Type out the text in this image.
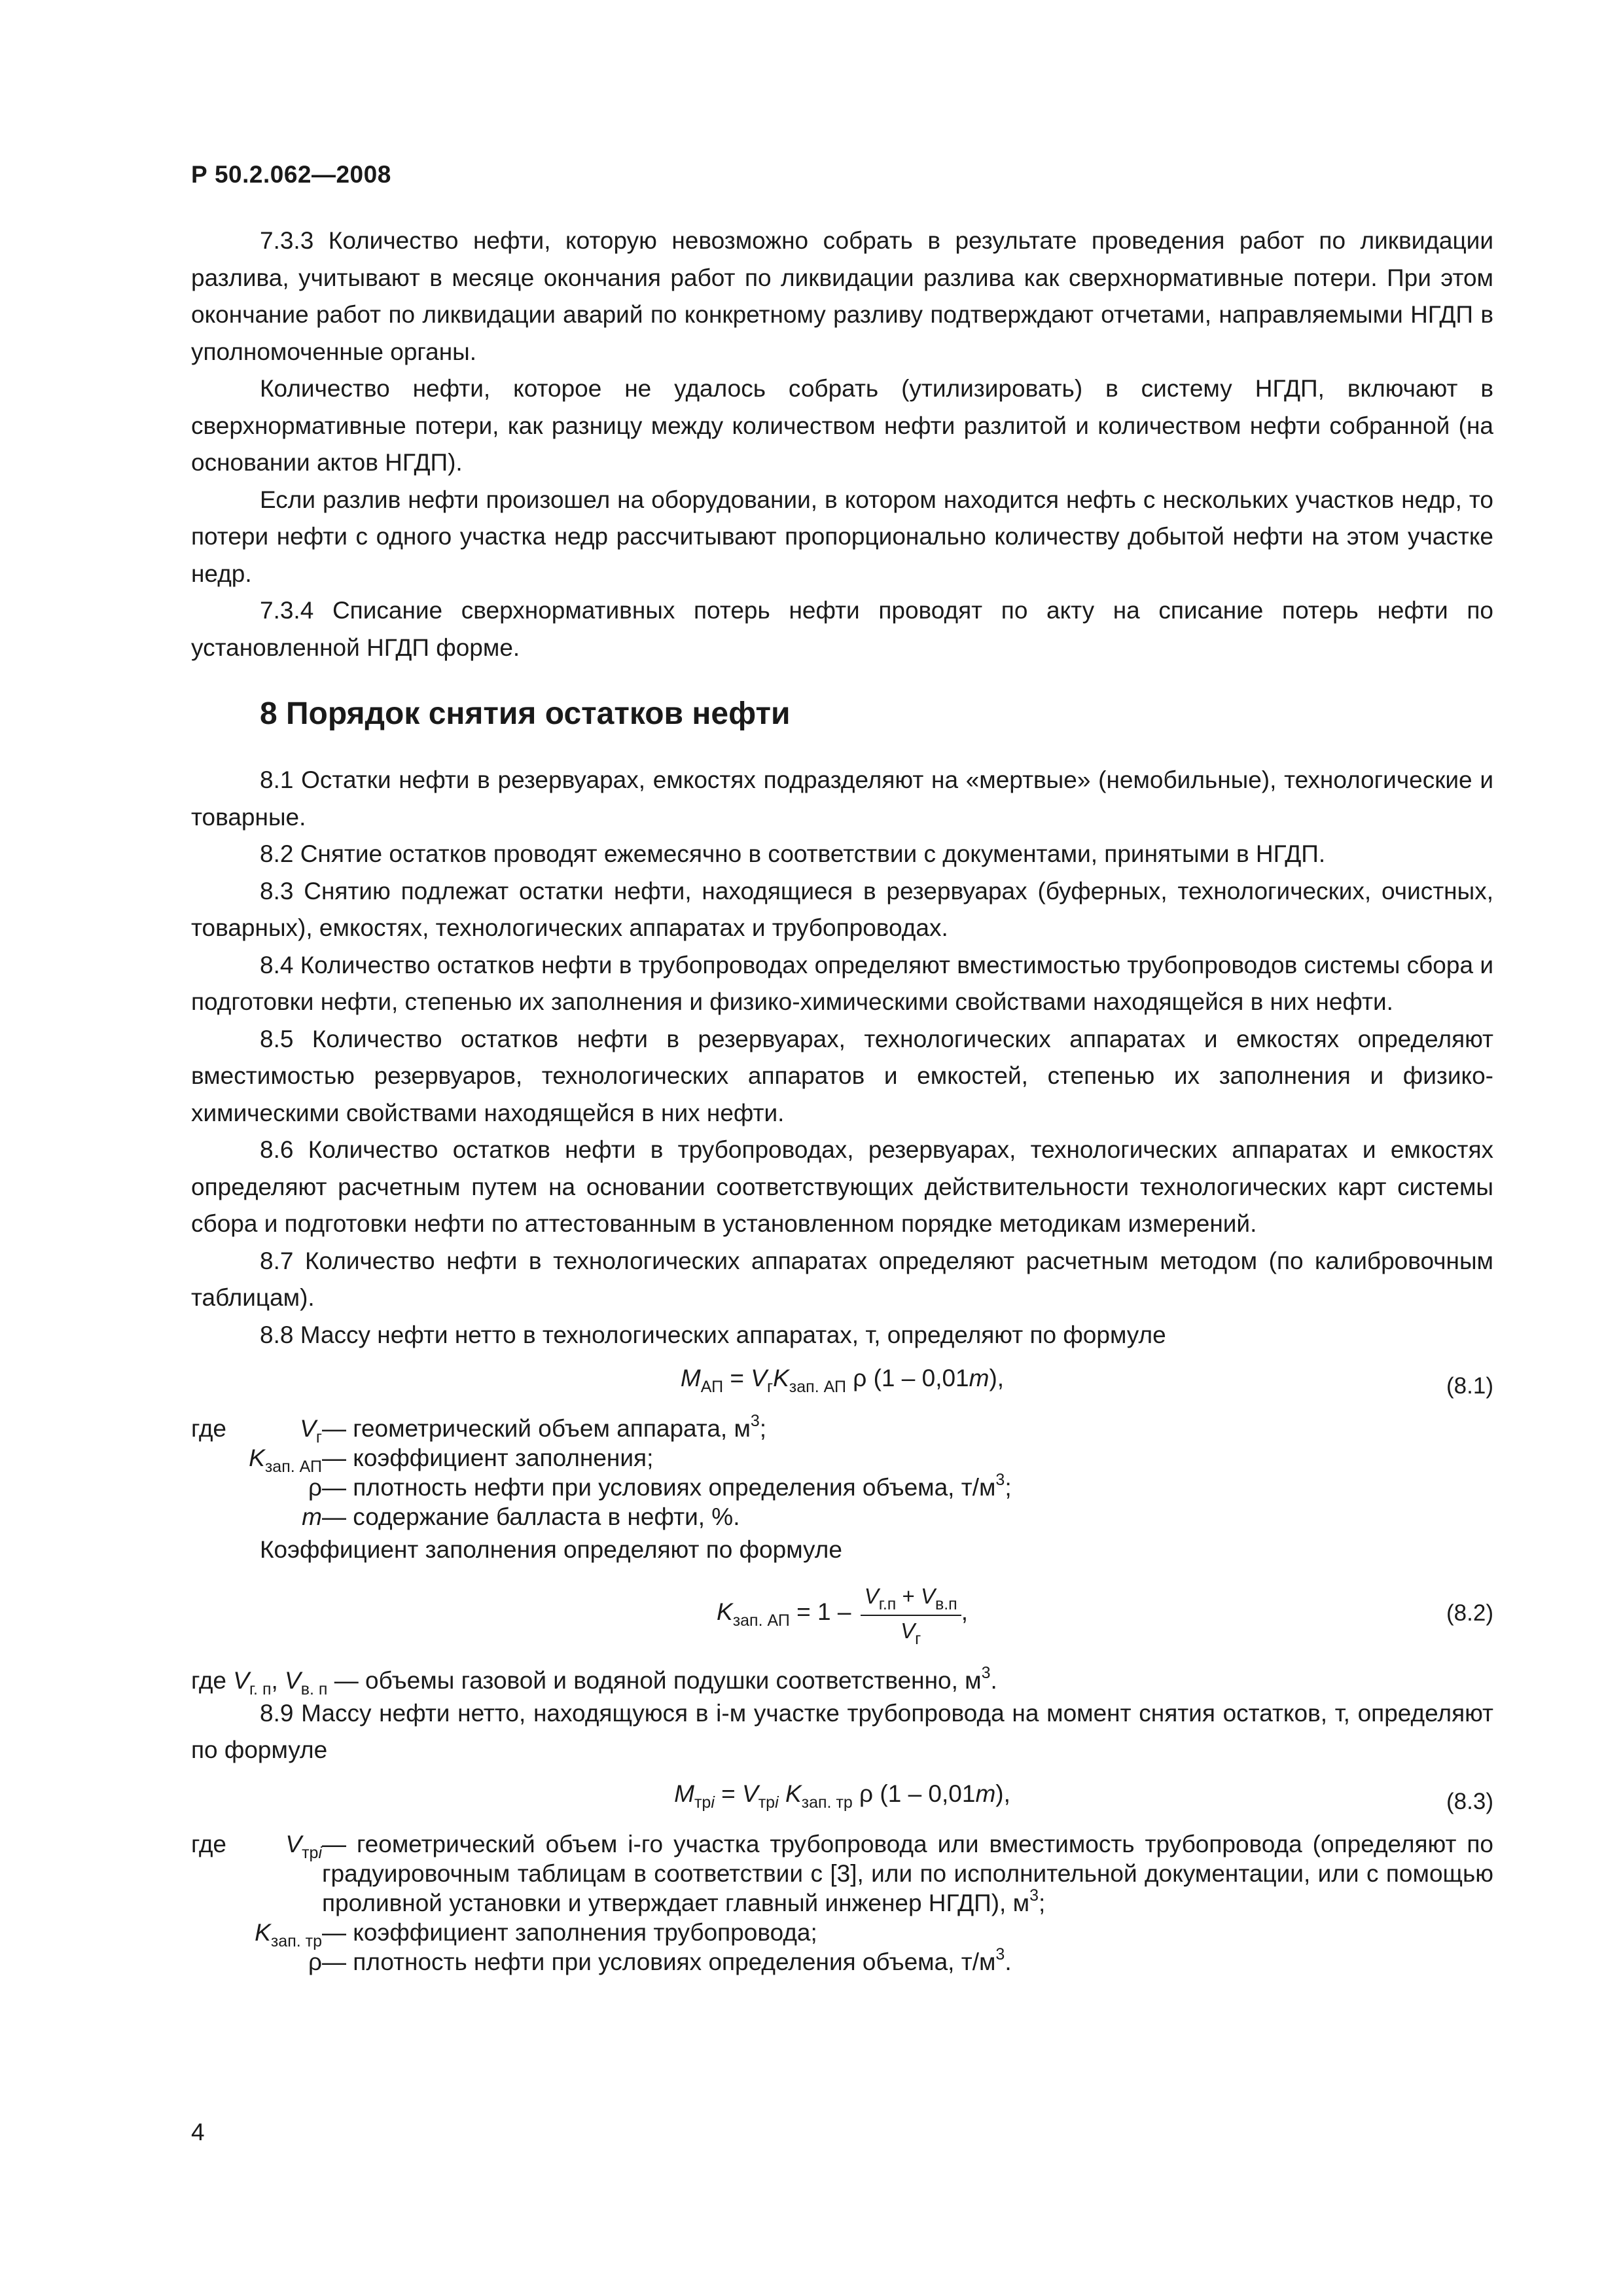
Р 50.2.062—2008

7.3.3 Количество нефти, которую невозможно собрать в результате проведения работ по ликвидации разлива, учитывают в месяце окончания работ по ликвидации разлива как сверхнормативные потери. При этом окончание работ по ликвидации аварий по конкретному разливу подтверждают отчетами, направляемыми НГДП в уполномоченные органы.

Количество нефти, которое не удалось собрать (утилизировать) в систему НГДП, включают в сверхнормативные потери, как разницу между количеством нефти разлитой и количеством нефти собранной (на основании актов НГДП).

Если разлив нефти произошел на оборудовании, в котором находится нефть с нескольких участков недр, то потери нефти с одного участка недр рассчитывают пропорционально количеству добытой нефти на этом участке недр.

7.3.4 Списание сверхнормативных потерь нефти проводят по акту на списание потерь нефти по установленной НГДП форме.

8 Порядок снятия остатков нефти

8.1 Остатки нефти в резервуарах, емкостях подразделяют на «мертвые» (немобильные), технологические и товарные.

8.2 Снятие остатков проводят ежемесячно в соответствии с документами, принятыми в НГДП.

8.3 Снятию подлежат остатки нефти, находящиеся в резервуарах (буферных, технологических, очистных, товарных), емкостях, технологических аппаратах и трубопроводах.

8.4 Количество остатков нефти в трубопроводах определяют вместимостью трубопроводов системы сбора и подготовки нефти, степенью их заполнения и физико-химическими свойствами находящейся в них нефти.

8.5 Количество остатков нефти в резервуарах, технологических аппаратах и емкостях определяют вместимостью резервуаров, технологических аппаратов и емкостей, степенью их заполнения и физико-химическими свойствами находящейся в них нефти.

8.6 Количество остатков нефти в трубопроводах, резервуарах, технологических аппаратах и емкостях определяют расчетным путем на основании соответствующих действительности технологических карт системы сбора и подготовки нефти по аттестованным в установленном порядке методикам измерений.

8.7 Количество нефти в технологических аппаратах определяют расчетным методом (по калибровочным таблицам).

8.8 Массу нефти нетто в технологических аппаратах, т, определяют по формуле

$M_{АП} = V_гK_{зап. АП}$ ρ (1 – 0,01m),	(8.1)
где	$V_г$ — геометрический объем аппарата, $м^3$;
$K_{зап. АП}$ — коэффициент заполнения;
ρ — плотность нефти при условиях определения объема, $т/м^3$;
m — содержание балласта в нефти, %.

Коэффициент заполнения определяют по формуле

$K_{зап. АП} = 1 - \frac{V_{г.п} + V_{в.п}}{V_г}$ ,	(8.2)
где $V_{г. п}$, $V_{в. п}$ — объемы газовой и водяной подушки соответственно, $м^3$.

8.9 Массу нефти нетто, находящуюся в i-м участке трубопровода на момент снятия остатков, т, определяют по формуле

$M_{трi} = V_{трi}$ $K_{зап. тр}$ ρ (1 – 0,01m),	(8.3)
где	$V_{трi}$ — геометрический объем i-го участка трубопровода или вместимость трубопровода (определяют по градуировочным таблицам в соответствии с [3], или по исполнительной документации, или с помощью проливной установки и утверждает главный инженер НГДП), $м^3$;
$K_{зап. тр}$ — коэффициент заполнения трубопровода;
ρ — плотность нефти при условиях определения объема, $т/м^3$.
4
